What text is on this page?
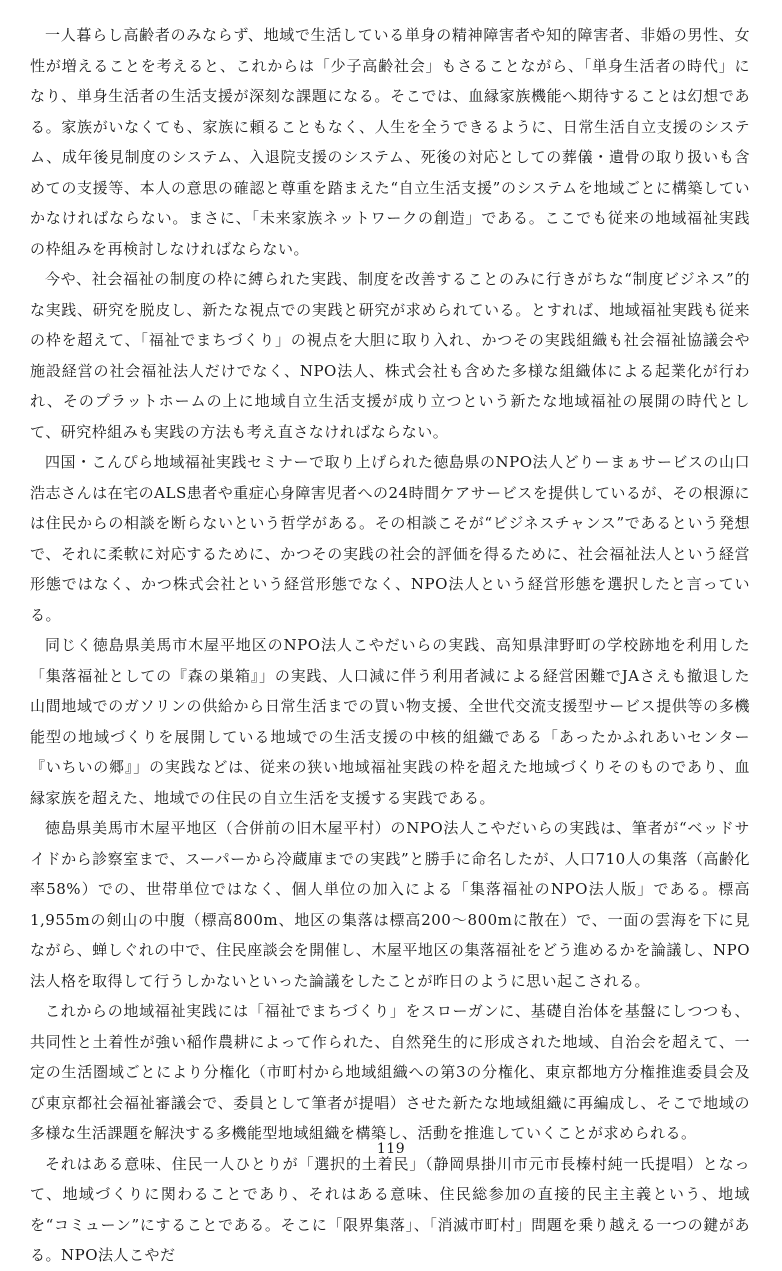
一人暮らし高齢者のみならず、地域で生活している単身の精神障害者や知的障害者、非婚の男性、女性が増えることを考えると、これからは「少子高齢社会」もさることながら、「単身生活者の時代」になり、単身生活者の生活支援が深刻な課題になる。そこでは、血縁家族機能へ期待することは幻想である。家族がいなくても、家族に頼ることもなく、人生を全うできるように、日常生活自立支援のシステム、成年後見制度のシステム、入退院支援のシステム、死後の対応としての葬儀・遺骨の取り扱いも含めての支援等、本人の意思の確認と尊重を踏まえた“自立生活支援”のシステムを地域ごとに構築していかなければならない。まさに、「未来家族ネットワークの創造」である。ここでも従来の地域福祉実践の枠組みを再検討しなければならない。

今や、社会福祉の制度の枠に縛られた実践、制度を改善することのみに行きがちな“制度ビジネス”的な実践、研究を脱皮し、新たな視点での実践と研究が求められている。とすれば、地域福祉実践も従来の枠を超えて、「福祉でまちづくり」の視点を大胆に取り入れ、かつその実践組織も社会福祉協議会や施設経営の社会福祉法人だけでなく、NPO法人、株式会社も含めた多様な組織体による起業化が行われ、そのプラットホームの上に地域自立生活支援が成り立つという新たな地域福祉の展開の時代として、研究枠組みも実践の方法も考え直さなければならない。

四国・こんぴら地域福祉実践セミナーで取り上げられた徳島県のNPO法人どりーまぁサービスの山口浩志さんは在宅のALS患者や重症心身障害児者への24時間ケアサービスを提供しているが、その根源には住民からの相談を断らないという哲学がある。その相談こそが“ビジネスチャンス”であるという発想で、それに柔軟に対応するために、かつその実践の社会的評価を得るために、社会福祉法人という経営形態ではなく、かつ株式会社という経営形態でなく、NPO法人という経営形態を選択したと言っている。

同じく徳島県美馬市木屋平地区のNPO法人こやだいらの実践、高知県津野町の学校跡地を利用した「集落福祉としての『森の巣箱』」の実践、人口減に伴う利用者減による経営困難でJAさえも撤退した山間地域でのガソリンの供給から日常生活までの買い物支援、全世代交流支援型サービス提供等の多機能型の地域づくりを展開している地域での生活支援の中核的組織である「あったかふれあいセンター『いちいの郷』」の実践などは、従来の狭い地域福祉実践の枠を超えた地域づくりそのものであり、血縁家族を超えた、地域での住民の自立生活を支援する実践である。

徳島県美馬市木屋平地区（合併前の旧木屋平村）のNPO法人こやだいらの実践は、筆者が“ベッドサイドから診察室まで、スーパーから冷蔵庫までの実践”と勝手に命名したが、人口710人の集落（高齢化率58%）での、世帯単位ではなく、個人単位の加入による「集落福祉のNPO法人版」である。標高1,955mの剣山の中腹（標高800m、地区の集落は標高200～800mに散在）で、一面の雲海を下に見ながら、蝉しぐれの中で、住民座談会を開催し、木屋平地区の集落福祉をどう進めるかを論議し、NPO法人格を取得して行うしかないといった論議をしたことが昨日のように思い起こされる。

これからの地域福祉実践には「福祉でまちづくり」をスローガンに、基礎自治体を基盤にしつつも、共同性と土着性が強い稲作農耕によって作られた、自然発生的に形成された地域、自治会を超えて、一定の生活圏域ごとにより分権化（市町村から地域組織への第3の分権化、東京都地方分権推進委員会及び東京都社会福祉審議会で、委員として筆者が提唱）させた新たな地域組織に再編成し、そこで地域の多様な生活課題を解決する多機能型地域組織を構築し、活動を推進していくことが求められる。

それはある意味、住民一人ひとりが「選択的土着民」（静岡県掛川市元市長榛村純一氏提唱）となって、地域づくりに関わることであり、それはある意味、住民総参加の直接的民主主義という、地域を“コミューン”にすることである。そこに「限界集落」、「消滅市町村」問題を乗り越える一つの鍵がある。NPO法人こやだ

119
